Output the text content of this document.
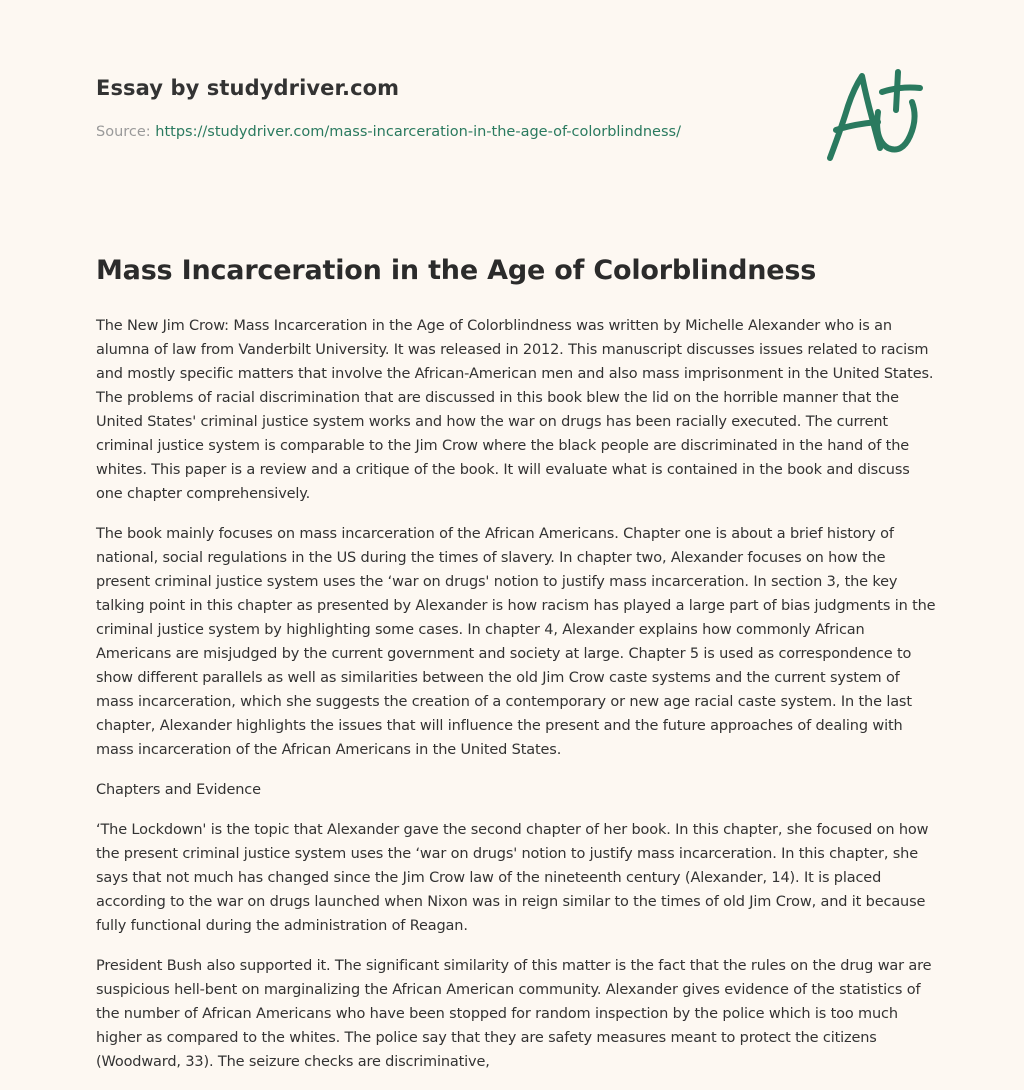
Essay by studydriver.com
Source: https://studydriver.com/mass-incarceration-in-the-age-of-colorblindness/
Mass Incarceration in the Age of Colorblindness

The New Jim Crow: Mass Incarceration in the Age of Colorblindness was written by Michelle Alexander who is an alumna of law from Vanderbilt University. It was released in 2012. This manuscript discusses issues related to racism and mostly specific matters that involve the African-American men and also mass imprisonment in the United States. The problems of racial discrimination that are discussed in this book blew the lid on the horrible manner that the United States' criminal justice system works and how the war on drugs has been racially executed. The current criminal justice system is comparable to the Jim Crow where the black people are discriminated in the hand of the whites. This paper is a review and a critique of the book. It will evaluate what is contained in the book and discuss one chapter comprehensively.

The book mainly focuses on mass incarceration of the African Americans. Chapter one is about a brief history of national, social regulations in the US during the times of slavery. In chapter two, Alexander focuses on how the present criminal justice system uses the ‘war on drugs' notion to justify mass incarceration. In section 3, the key talking point in this chapter as presented by Alexander is how racism has played a large part of bias judgments in the criminal justice system by highlighting some cases. In chapter 4, Alexander explains how commonly African Americans are misjudged by the current government and society at large. Chapter 5 is used as correspondence to show different parallels as well as similarities between the old Jim Crow caste systems and the current system of mass incarceration, which she suggests the creation of a contemporary or new age racial caste system. In the last chapter, Alexander highlights the issues that will influence the present and the future approaches of dealing with mass incarceration of the African Americans in the United States.

Chapters and Evidence

‘The Lockdown' is the topic that Alexander gave the second chapter of her book. In this chapter, she focused on how the present criminal justice system uses the ‘war on drugs' notion to justify mass incarceration. In this chapter, she says that not much has changed since the Jim Crow law of the nineteenth century (Alexander, 14). It is placed according to the war on drugs launched when Nixon was in reign similar to the times of old Jim Crow, and it because fully functional during the administration of Reagan.

President Bush also supported it. The significant similarity of this matter is the fact that the rules on the drug war are suspicious hell-bent on marginalizing the African American community. Alexander gives evidence of the statistics of the number of African Americans who have been stopped for random inspection by the police which is too much higher as compared to the whites. The police say that they are safety measures meant to protect the citizens (Woodward, 33). The seizure checks are discriminative,
